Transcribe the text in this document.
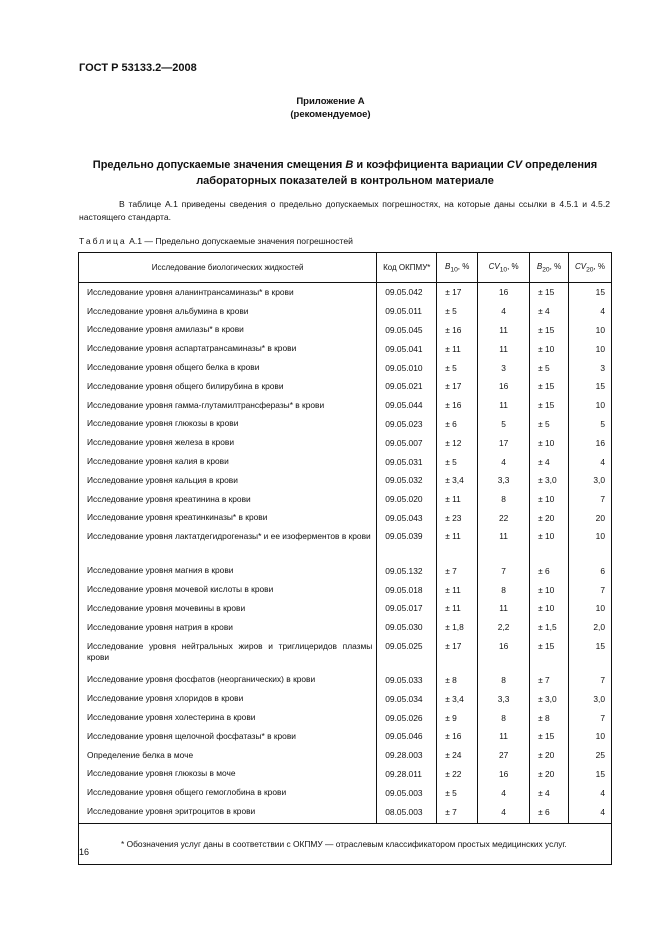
ГОСТ Р 53133.2—2008
Приложение А
(рекомендуемое)
Предельно допускаемые значения смещения B и коэффициента вариации CV определения лабораторных показателей в контрольном материале
В таблице А.1 приведены сведения о предельно допускаемых погрешностях, на которые даны ссылки в 4.5.1 и 4.5.2 настоящего стандарта.
Таблица А.1 — Предельно допускаемые значения погрешностей
Исследование биологических жидкостей	Код ОКПМУ*	$B_{10}$, %	$CV_{10}$, %	$B_{20}$, %	$CV_{20}$, %
Исследование уровня аланинтрансаминазы* в крови	09.05.042	± 17	16	± 15	15
Исследование уровня альбумина в крови	09.05.011	± 5	4	± 4	4
Исследование уровня амилазы* в крови	09.05.045	± 16	11	± 15	10
Исследование уровня аспартатрансаминазы* в крови	09.05.041	± 11	11	± 10	10
Исследование уровня общего белка в крови	09.05.010	± 5	3	± 5	3
Исследование уровня общего билирубина в крови	09.05.021	± 17	16	± 15	15
Исследование уровня гамма-глутамилтрансферазы* в крови	09.05.044	± 16	11	± 15	10
Исследование уровня глюкозы в крови	09.05.023	± 6	5	± 5	5
Исследование уровня железа в крови	09.05.007	± 12	17	± 10	16
Исследование уровня калия в крови	09.05.031	± 5	4	± 4	4
Исследование уровня кальция в крови	09.05.032	± 3,4	3,3	± 3,0	3,0
Исследование уровня креатинина в крови	09.05.020	± 11	8	± 10	7
Исследование уровня креатинкиназы* в крови	09.05.043	± 23	22	± 20	20
Исследование уровня лактатдегидрогеназы* и ее изоферментов в крови	09.05.039	± 11	11	± 10	10
Исследование уровня магния в крови	09.05.132	± 7	7	± 6	6
Исследование уровня мочевой кислоты в крови	09.05.018	± 11	8	± 10	7
Исследование уровня мочевины в крови	09.05.017	± 11	11	± 10	10
Исследование уровня натрия в крови	09.05.030	± 1,8	2,2	± 1,5	2,0
Исследование уровня нейтральных жиров и триглицеридов плазмы крови	09.05.025	± 17	16	± 15	15
Исследование уровня фосфатов (неорганических) в крови	09.05.033	± 8	8	± 7	7
Исследование уровня хлоридов в крови	09.05.034	± 3,4	3,3	± 3,0	3,0
Исследование уровня холестерина в крови	09.05.026	± 9	8	± 8	7
Исследование уровня щелочной фосфатазы* в крови	09.05.046	± 16	11	± 15	10
Определение белка в моче	09.28.003	± 24	27	± 20	25
Исследование уровня глюкозы в моче	09.28.011	± 22	16	± 20	15
Исследование уровня общего гемоглобина в крови	09.05.003	± 5	4	± 4	4
Исследование уровня эритроцитов в крови	08.05.003	± 7	4	± 6	4
* Обозначения услуг даны в соответствии с ОКПМУ — отраслевым классификатором простых медицинских услуг.					
16
